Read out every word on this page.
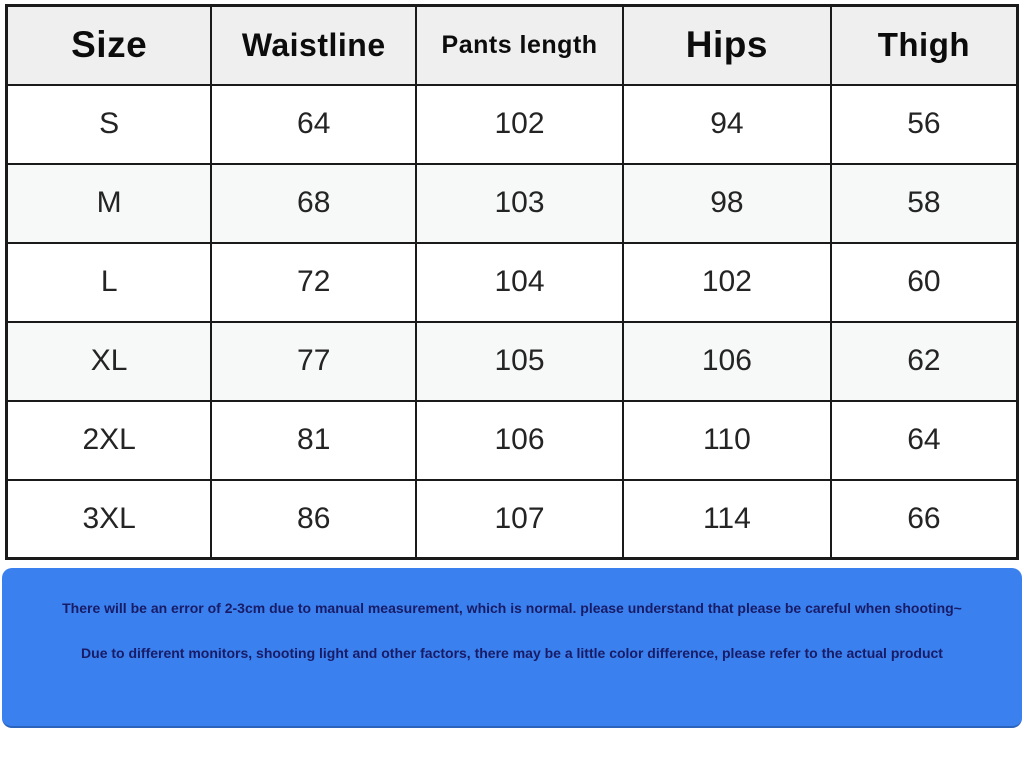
Size	Waistline	Pants length	Hips	Thigh
S	64	102	94	56
M	68	103	98	58
L	72	104	102	60
XL	77	105	106	62
2XL	81	106	110	64
3XL	86	107	114	66

There will be an error of 2-3cm due to manual measurement, which is normal. please understand that please be careful when shooting~

Due to different monitors, shooting light and other factors, there may be a little color difference, please refer to the actual product
